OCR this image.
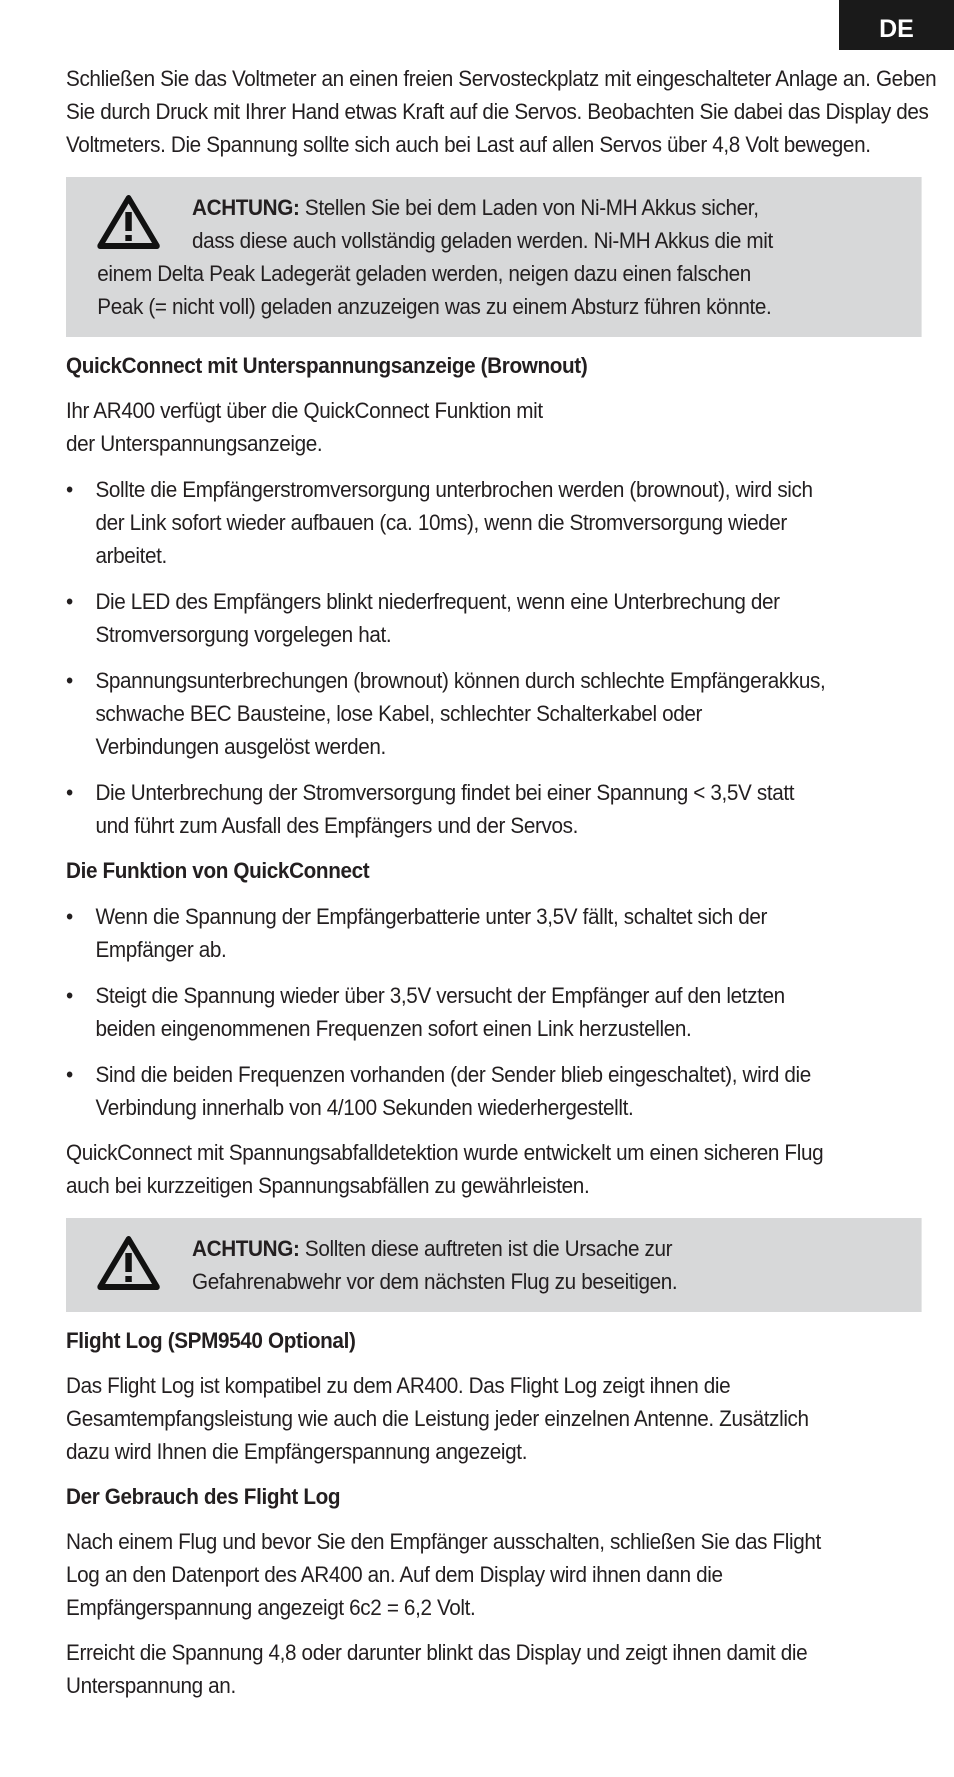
DE

Schließen Sie das Voltmeter an einen freien Servosteckplatz mit eingeschalteter Anlage an. Geben Sie durch Druck mit Ihrer Hand etwas Kraft auf die Servos. Beobachten Sie dabei das Display des Voltmeters. Die Spannung sollte sich auch bei Last auf allen Servos über 4,8 Volt bewegen.

ACHTUNG: Stellen Sie bei dem Laden von Ni-MH Akkus sicher,

dass diese auch vollständig geladen werden. Ni-MH Akkus die mit

einem Delta Peak Ladegerät geladen werden, neigen dazu einen falschen

Peak (= nicht voll) geladen anzuzeigen was zu einem Absturz führen könnte.

QuickConnect mit Unterspannungsanzeige (Brownout)

Ihr AR400 verfügt über die QuickConnect Funktion mit
der Unterspannungsanzeige.

• Sollte die Empfängerstromversorgung unterbrochen werden (brownout), wird sich der Link sofort wieder aufbauen (ca. 10ms), wenn die Stromversorgung wieder arbeitet.
• Die LED des Empfängers blinkt niederfrequent, wenn eine Unterbrechung der Stromversorgung vorgelegen hat.
• Spannungsunterbrechungen (brownout) können durch schlechte Empfängerakkus, schwache BEC Bausteine, lose Kabel, schlechter Schalterkabel oder Verbindungen ausgelöst werden.
• Die Unterbrechung der Stromversorgung findet bei einer Spannung < 3,5V statt und führt zum Ausfall des Empfängers und der Servos.

Die Funktion von QuickConnect

• Wenn die Spannung der Empfängerbatterie unter 3,5V fällt, schaltet sich der Empfänger ab.
• Steigt die Spannung wieder über 3,5V versucht der Empfänger auf den letzten beiden eingenommenen Frequenzen sofort einen Link herzustellen.
• Sind die beiden Frequenzen vorhanden (der Sender blieb eingeschaltet), wird die Verbindung innerhalb von 4/100 Sekunden wiederhergestellt.

QuickConnect mit Spannungsabfalldetektion wurde entwickelt um einen sicheren Flug auch bei kurzzeitigen Spannungsabfällen zu gewährleisten.

ACHTUNG: Sollten diese auftreten ist die Ursache zur

Gefahrenabwehr vor dem nächsten Flug zu beseitigen.

Flight Log (SPM9540 Optional)

Das Flight Log ist kompatibel zu dem AR400. Das Flight Log zeigt ihnen die Gesamtempfangsleistung wie auch die Leistung jeder einzelnen Antenne. Zusätzlich dazu wird Ihnen die Empfängerspannung angezeigt.

Der Gebrauch des Flight Log

Nach einem Flug und bevor Sie den Empfänger ausschalten, schließen Sie das Flight Log an den Datenport des AR400 an. Auf dem Display wird ihnen dann die Empfängerspannung angezeigt 6c2 = 6,2 Volt.

Erreicht die Spannung 4,8 oder darunter blinkt das Display und zeigt ihnen damit die Unterspannung an.
